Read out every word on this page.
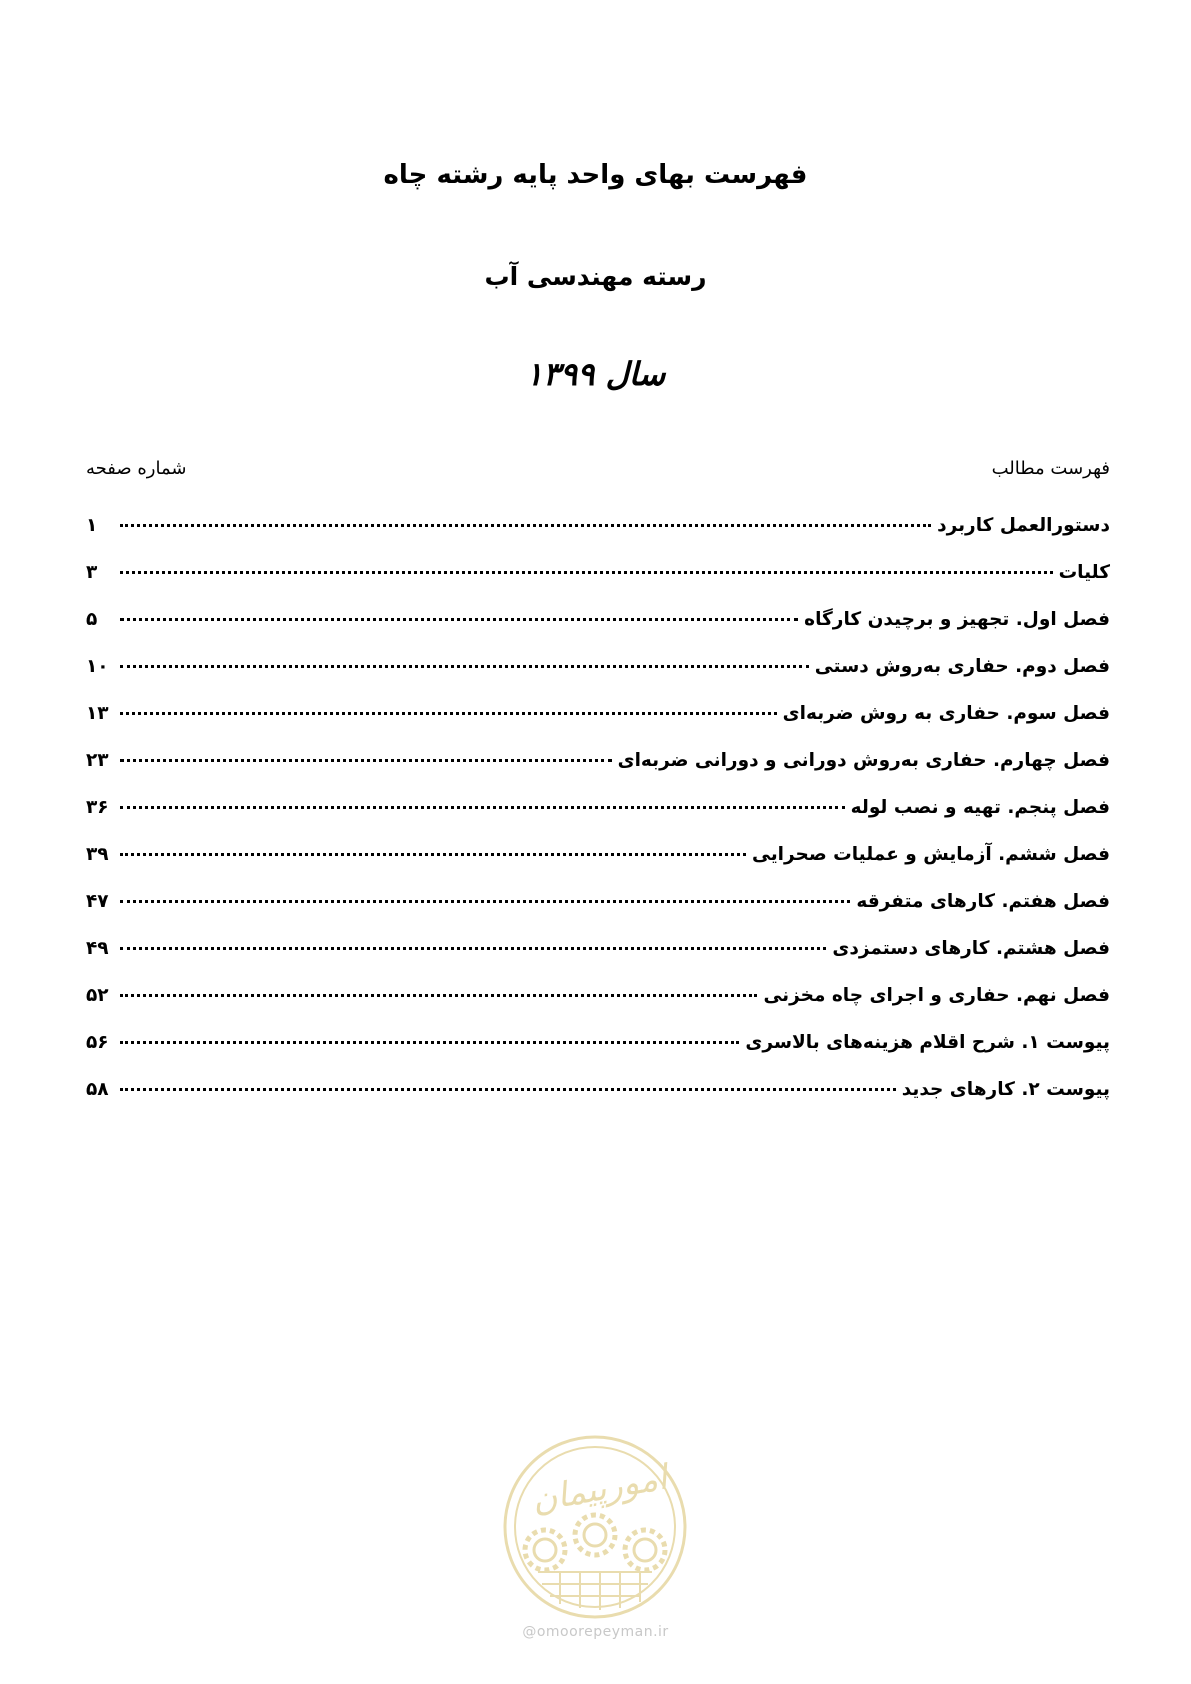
فهرست بهای واحد پایه رشته چاه
رسته مهندسی آب
سال ۱۳۹۹
فهرست مطالب
شماره صفحه
دستورالعمل کاربرد
۱
کلیات
۳
فصل اول. تجهیز و برچیدن کارگاه
۵
فصل دوم. حفاری به‌روش دستی
۱۰
فصل سوم. حفاری به روش ضربه‌ای
۱۳
فصل چهارم. حفاری به‌روش دورانی و دورانی ضربه‌ای
۲۳
فصل پنجم. تهیه و نصب لوله
۳۶
فصل ششم. آزمایش و عملیات صحرایی
۳۹
فصل هفتم. کارهای متفرقه
۴۷
فصل هشتم. کارهای دستمزدی
۴۹
فصل نهم. حفاری و اجرای چاه مخزنی
۵۲
پیوست ۱. شرح اقلام هزینه‌های بالاسری
۵۶
پیوست ۲. کارهای جدید
۵۸
امورپیمان
@omoorepeyman.ir
